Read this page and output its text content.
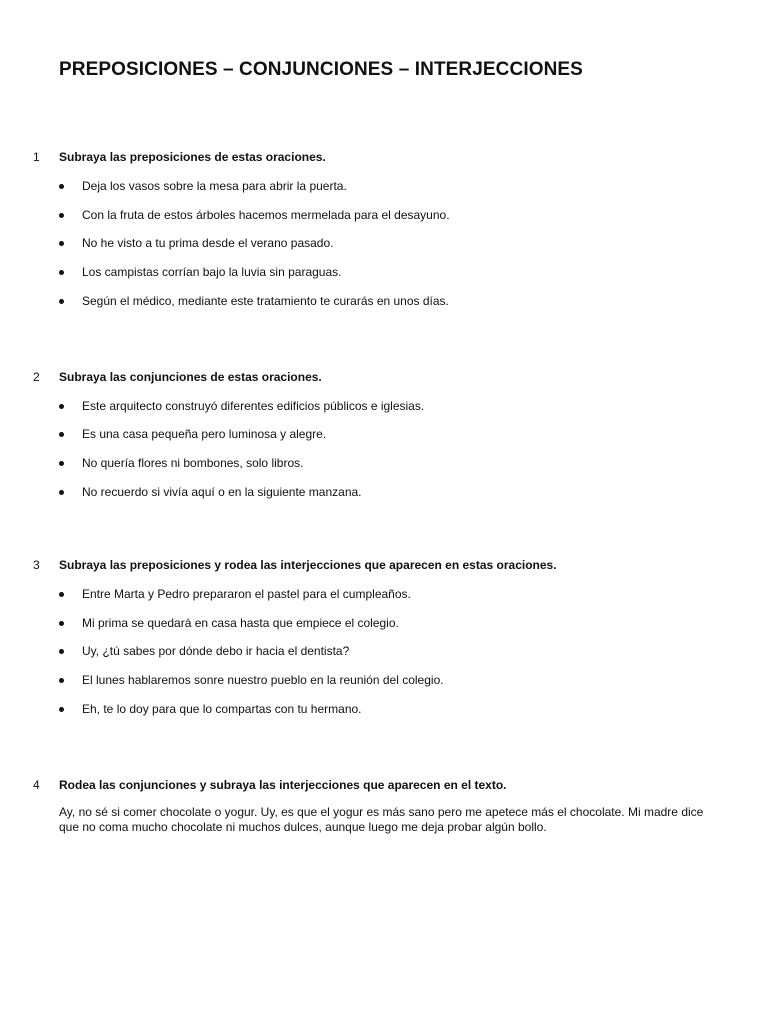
PREPOSICIONES – CONJUNCIONES – INTERJECCIONES
1 Subraya las preposiciones de estas oraciones.
Deja los vasos sobre la mesa para abrir la puerta.
Con la fruta de estos árboles hacemos mermelada para el desayuno.
No he visto a tu prima desde el verano pasado.
Los campistas corrían bajo la luvia sin paraguas.
Según el médico, mediante este tratamiento te curarás en unos días.
2 Subraya las conjunciones de estas oraciones.
Este arquitecto construyó diferentes edificios públicos e iglesias.
Es una casa pequeña pero luminosa y alegre.
No quería flores ni bombones, solo libros.
No recuerdo si vivía aquí o en la siguiente manzana.
3 Subraya las preposiciones y rodea las interjecciones que aparecen en estas oraciones.
Entre Marta y Pedro prepararon el pastel para el cumpleaños.
Mi prima se quedará en casa hasta que empiece el colegio.
Uy, ¿tú sabes por dónde debo ir hacia el dentista?
El lunes hablaremos sonre nuestro pueblo en la reunión del colegio.
Eh, te lo doy para que lo compartas con tu hermano.
4 Rodea las conjunciones y subraya las interjecciones que aparecen en el texto.
Ay, no sé si comer chocolate o yogur. Uy, es que el yogur es más sano pero me apetece más el chocolate. Mi madre dice que no coma mucho chocolate ni muchos dulces, aunque luego me deja probar algún bollo.
